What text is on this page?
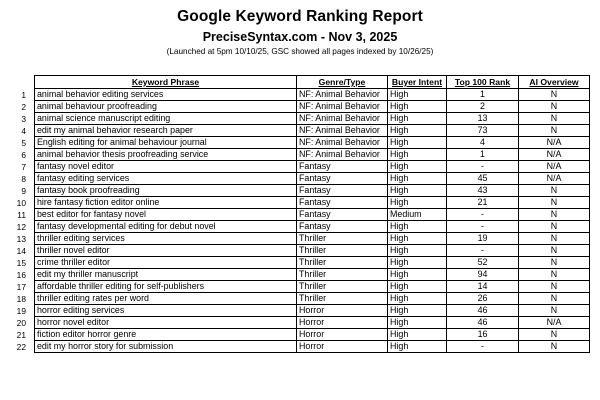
Google Keyword Ranking Report
PreciseSyntax.com - Nov 3, 2025
(Launched at 5pm 10/10/25, GSC showed all pages indexed by 10/26/25)
1
2
3
4
5
6
7
8
9
10
11
12
13
14
15
16
17
18
19
20
21
22
Keyword Phrase	Genre/Type	Buyer Intent	Top 100 Rank	AI Overview
animal behavior editing services	NF: Animal Behavior	High	1	N
animal behaviour proofreading	NF: Animal Behavior	High	2	N
animal science manuscript editing	NF: Animal Behavior	High	13	N
edit my animal behavior research paper	NF: Animal Behavior	High	73	N
English editing for animal behaviour journal	NF: Animal Behavior	High	4	N/A
animal behavior thesis proofreading service	NF: Animal Behavior	High	1	N/A
fantasy novel editor	Fantasy	High	-	N/A
fantasy editing services	Fantasy	High	45	N/A
fantasy book proofreading	Fantasy	High	43	N
hire fantasy fiction editor online	Fantasy	High	21	N
best editor for fantasy novel	Fantasy	Medium	-	N
fantasy developmental editing for debut novel	Fantasy	High	-	N
thriller editing services	Thriller	High	19	N
thriller novel editor	Thriller	High	-	N
crime thriller editor	Thriller	High	52	N
edit my thriller manuscript	Thriller	High	94	N
affordable thriller editing for self-publishers	Thriller	High	14	N
thriller editing rates per word	Thriller	High	26	N
horror editing services	Horror	High	46	N
horror novel editor	Horror	High	46	N/A
fiction editor horror genre	Horror	High	16	N
edit my horror story for submission	Horror	High	-	N
